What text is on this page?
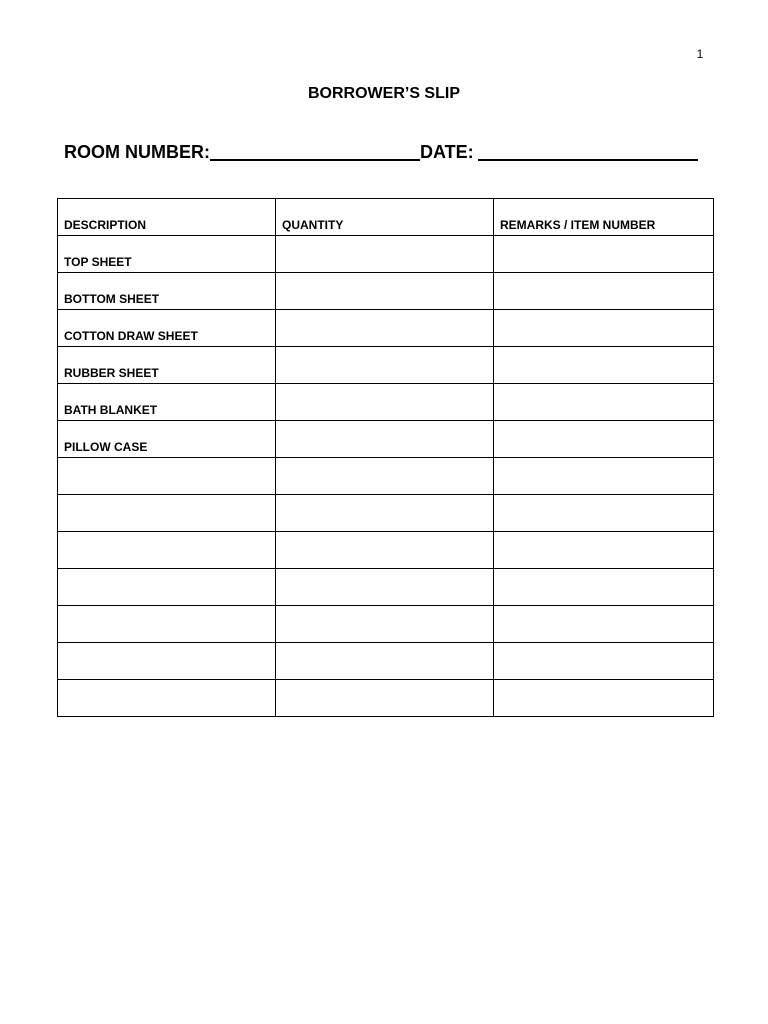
1
BORROWER’S SLIP
ROOM NUMBER:	DATE:
DESCRIPTION	QUANTITY	REMARKS / ITEM NUMBER
TOP SHEET		
BOTTOM SHEET		
COTTON DRAW SHEET		
RUBBER SHEET		
BATH BLANKET		
PILLOW CASE		
